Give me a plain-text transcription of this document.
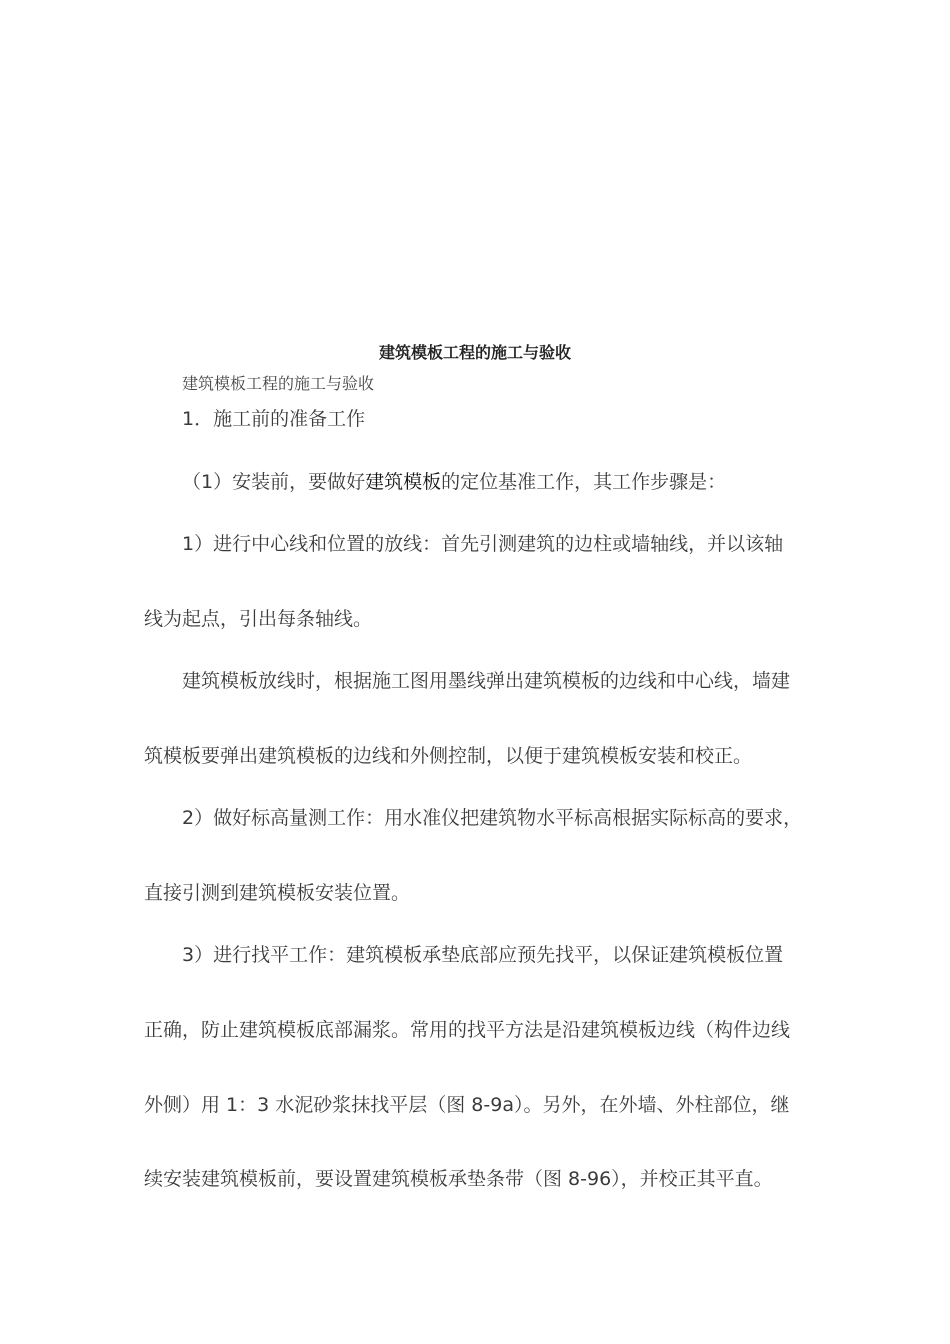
建筑模板工程的施工与验收
建筑模板工程的施工与验收
1．施工前的准备工作
（1）安装前，要做好建筑模板的定位基准工作，其工作步骤是：
1）进行中心线和位置的放线：首先引测建筑的边柱或墙轴线，并以该轴
线为起点，引出每条轴线。
建筑模板放线时，根据施工图用墨线弹出建筑模板的边线和中心线，墙建
筑模板要弹出建筑模板的边线和外侧控制，以便于建筑模板安装和校正。
2）做好标高量测工作：用水准仪把建筑物水平标高根据实际标高的要求，
直接引测到建筑模板安装位置。
3）进行找平工作：建筑模板承垫底部应预先找平，以保证建筑模板位置
正确，防止建筑模板底部漏浆。常用的找平方法是沿建筑模板边线（构件边线
外侧）用 1：3 水泥砂浆抹找平层（图 8-9a）。另外，在外墙、外柱部位，继
续安装建筑模板前，要设置建筑模板承垫条带（图 8-96），并校正其平直。
